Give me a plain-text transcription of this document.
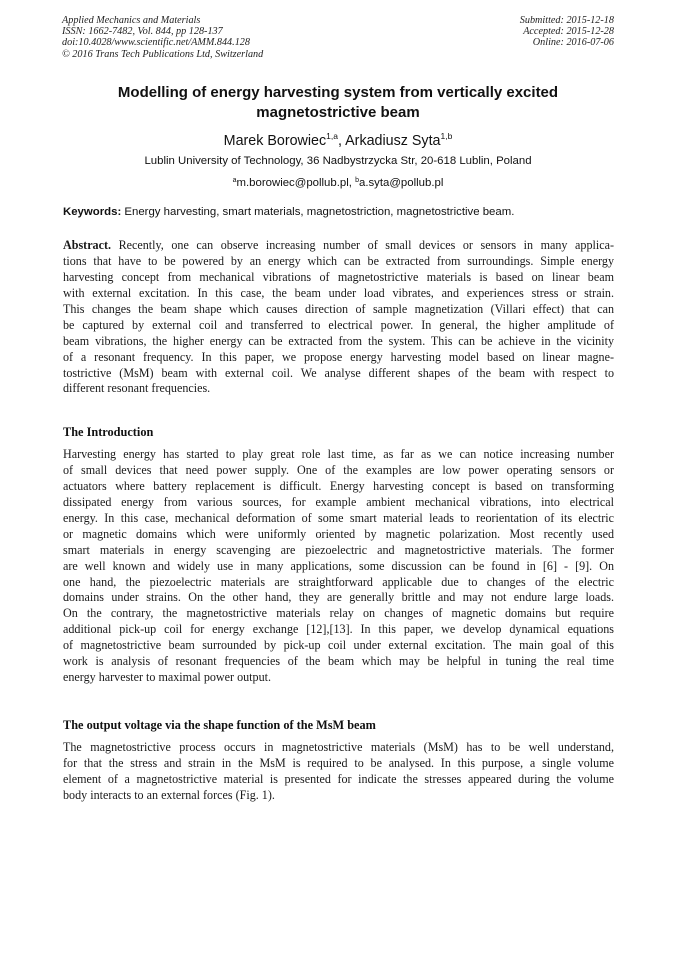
Applied Mechanics and Materials
ISSN: 1662-7482, Vol. 844, pp 128-137
doi:10.4028/www.scientific.net/AMM.844.128
© 2016 Trans Tech Publications Ltd, Switzerland
Submitted: 2015-12-18
Accepted: 2015-12-28
Online: 2016-07-06
Modelling of energy harvesting system from vertically excited
magnetostrictive beam
Marek Borowiec$^{1,a}$, Arkadiusz Syta$^{1,b}$
Lublin University of Technology, 36 Nadbystrzycka Str, 20-618 Lublin, Poland
$^a$m.borowiec@pollub.pl, $^b$a.syta@pollub.pl
Keywords: Energy harvesting, smart materials, magnetostriction, magnetostrictive beam.
Abstract. Recently, one can observe increasing number of small devices or sensors in many applica-
tions that have to be powered by an energy which can be extracted from surroundings. Simple energy
harvesting concept from mechanical vibrations of magnetostrictive materials is based on linear beam
with external excitation. In this case, the beam under load vibrates, and experiences stress or strain.
This changes the beam shape which causes direction of sample magnetization (Villari effect) that can
be captured by external coil and transferred to electrical power. In general, the higher amplitude of
beam vibrations, the higher energy can be extracted from the system. This can be achieve in the vicinity
of a resonant frequency. In this paper, we propose energy harvesting model based on linear magne-
tostrictive (MsM) beam with external coil. We analyse different shapes of the beam with respect to
different resonant frequencies.
The Introduction
Harvesting energy has started to play great role last time, as far as we can notice increasing number
of small devices that need power supply. One of the examples are low power operating sensors or
actuators where battery replacement is difficult. Energy harvesting concept is based on transforming
dissipated energy from various sources, for example ambient mechanical vibrations, into electrical
energy. In this case, mechanical deformation of some smart material leads to reorientation of its electric
or magnetic domains which were uniformly oriented by magnetic polarization. Most recently used
smart materials in energy scavenging are piezoelectric and magnetostrictive materials. The former
are well known and widely use in many applications, some discussion can be found in [6] - [9]. On
one hand, the piezoelectric materials are straightforward applicable due to changes of the electric
domains under strains. On the other hand, they are generally brittle and may not endure large loads.
On the contrary, the magnetostrictive materials relay on changes of magnetic domains but require
additional pick-up coil for energy exchange [12],[13]. In this paper, we develop dynamical equations
of magnetostrictive beam surrounded by pick-up coil under external excitation. The main goal of this
work is analysis of resonant frequencies of the beam which may be helpful in tuning the real time
energy harvester to maximal power output.
The output voltage via the shape function of the MsM beam
The magnetostrictive process occurs in magnetostrictive materials (MsM) has to be well understand,
for that the stress and strain in the MsM is required to be analysed. In this purpose, a single volume
element of a magnetostrictive material is presented for indicate the stresses appeared during the volume
body interacts to an external forces (Fig. 1).
